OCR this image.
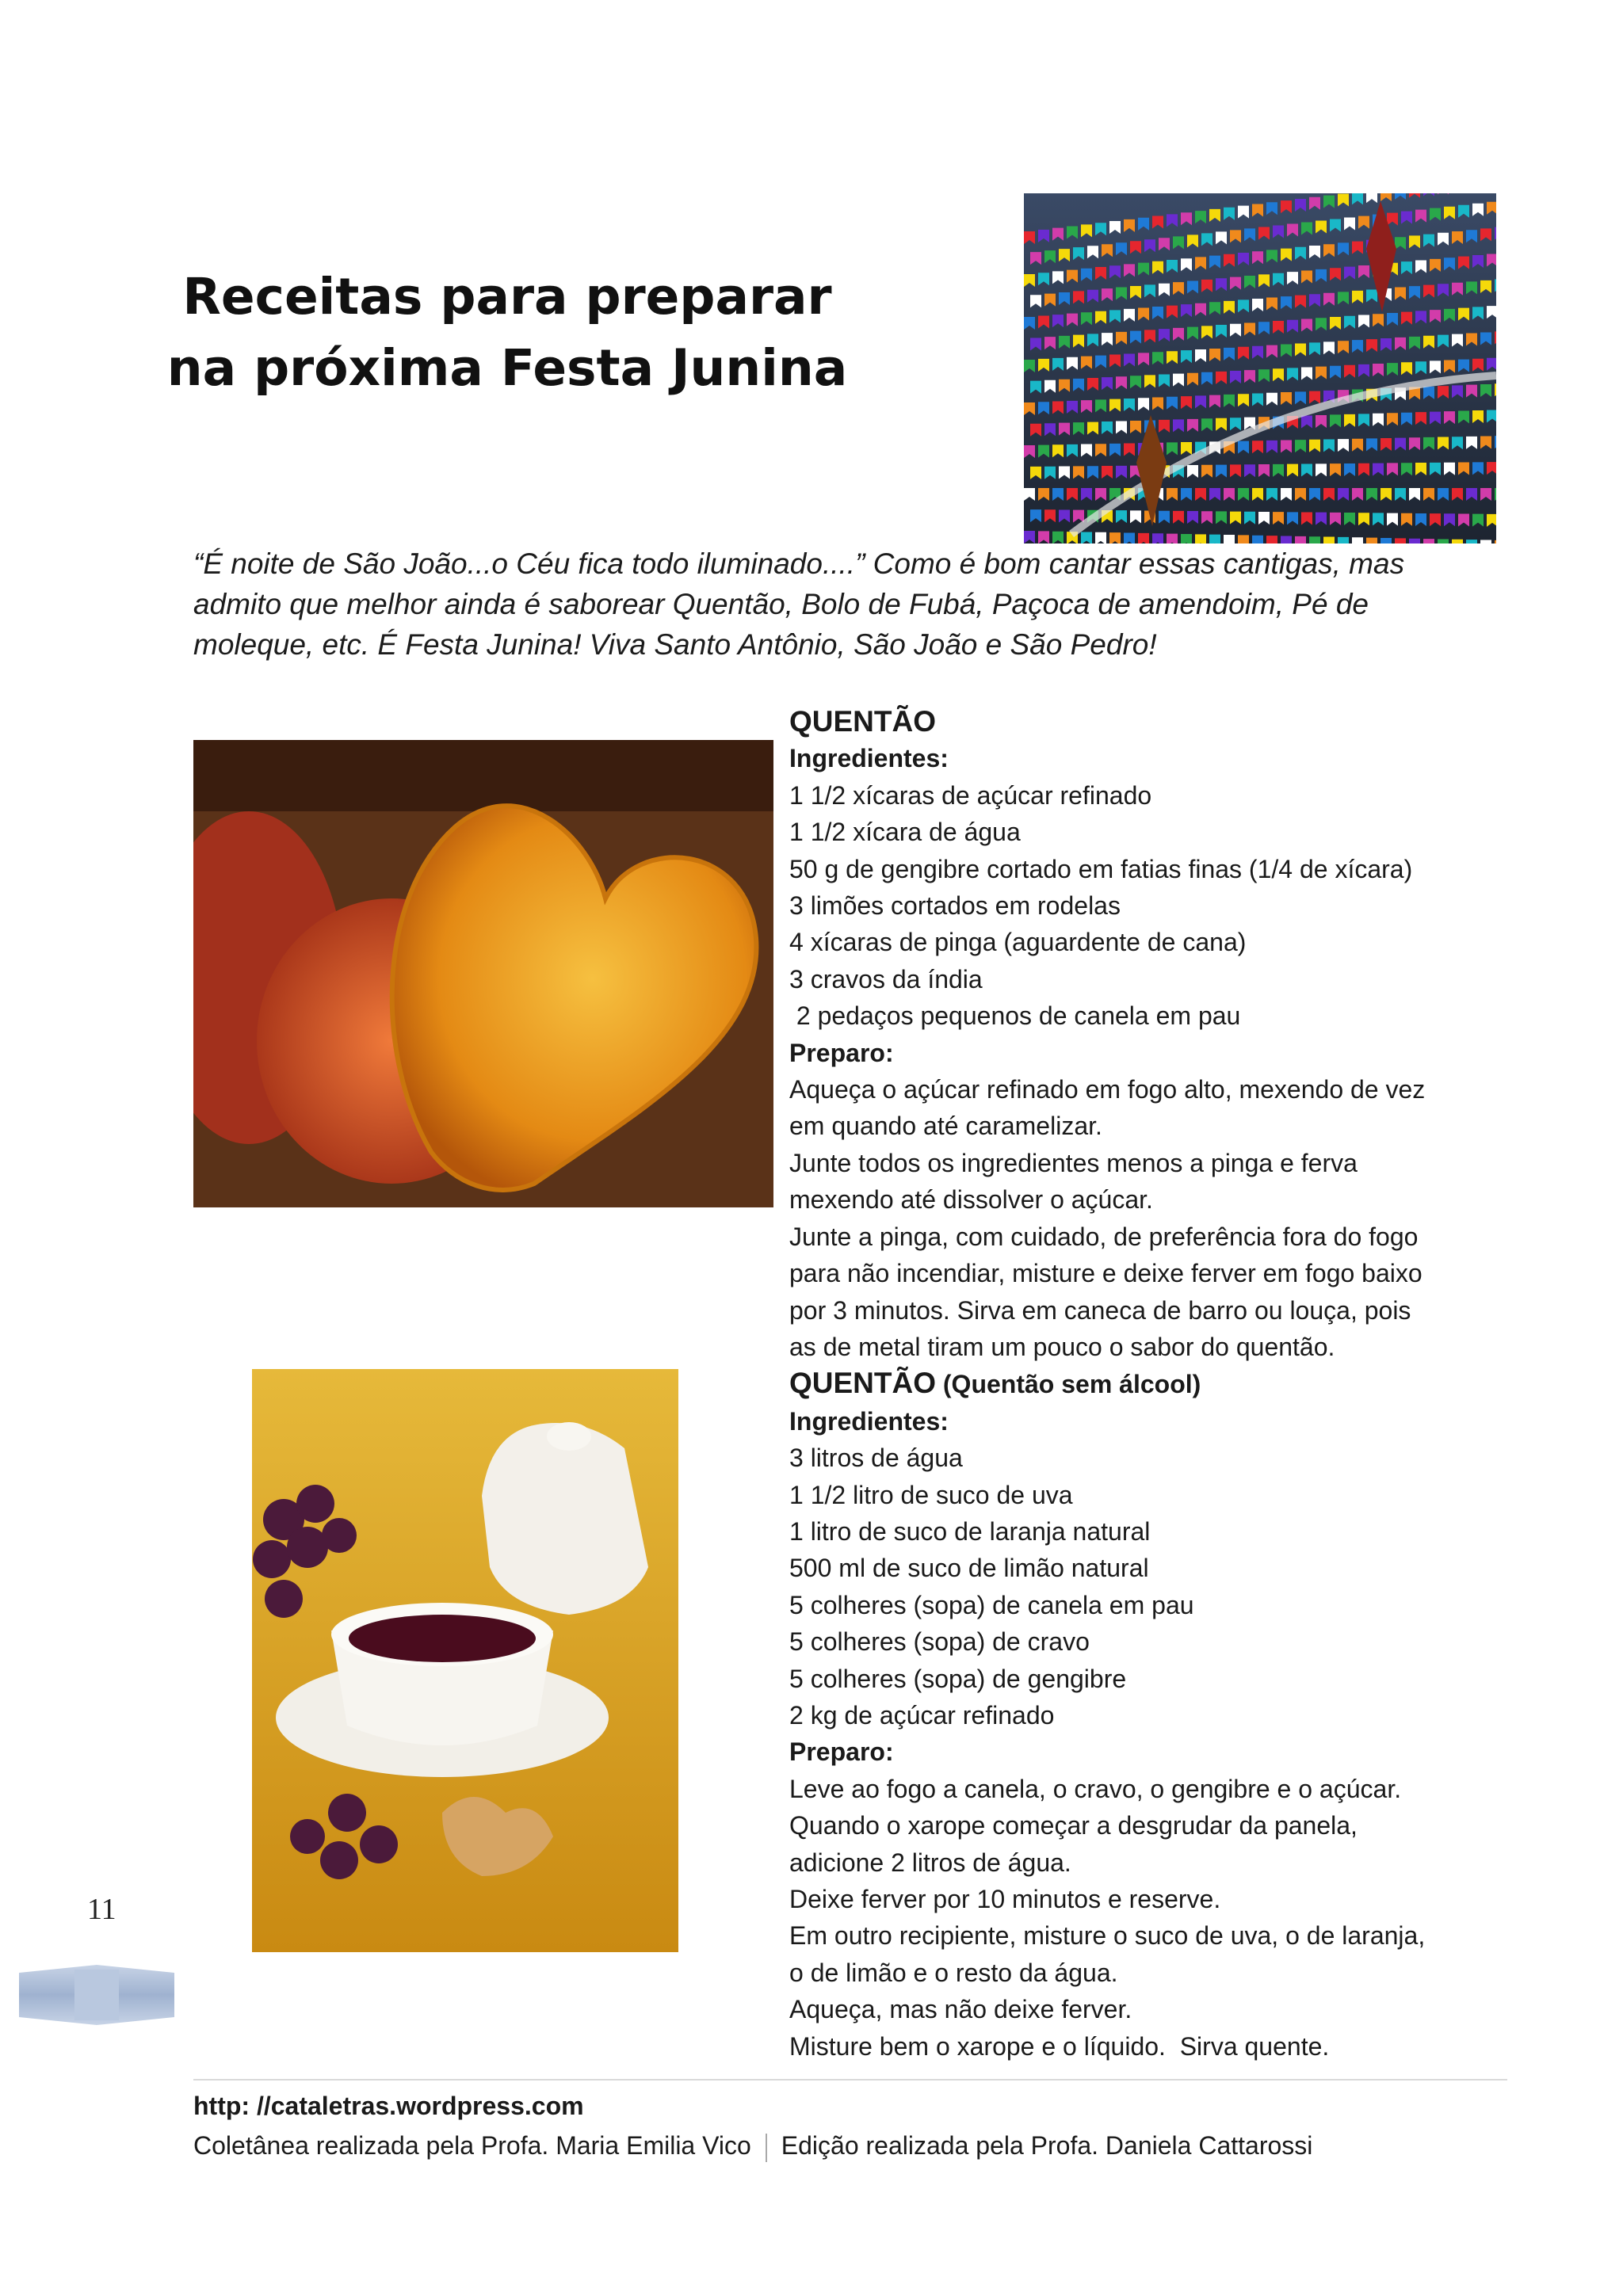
Receitas para preparar
na próxima Festa Junina
“É noite de São João...o Céu fica todo iluminado....” Como é bom cantar essas cantigas, mas admito que melhor ainda é saborear Quentão, Bolo de Fubá, Paçoca de amendoim, Pé de moleque, etc. É Festa Junina! Viva Santo Antônio, São João e São Pedro!
QUENTÃO
Ingredientes:
1 1/2 xícaras de açúcar refinado
1 1/2 xícara de água
50 g de gengibre cortado em fatias finas (1/4 de xícara)
3 limões cortados em rodelas
4 xícaras de pinga (aguardente de cana)
3 cravos da índia
2 pedaços pequenos de canela em pau
Preparo:
Aqueça o açúcar refinado em fogo alto, mexendo de vez
em quando até caramelizar.
Junte todos os ingredientes menos a pinga e ferva
mexendo até dissolver o açúcar.
Junte a pinga, com cuidado, de preferência fora do fogo
para não incendiar, misture e deixe ferver em fogo baixo
por 3 minutos. Sirva em caneca de barro ou louça, pois
as de metal tiram um pouco o sabor do quentão.
QUENTÃO (Quentão sem álcool)
Ingredientes:
3 litros de água
1 1/2 litro de suco de uva
1 litro de suco de laranja natural
500 ml de suco de limão natural
5 colheres (sopa) de canela em pau
5 colheres (sopa) de cravo
5 colheres (sopa) de gengibre
2 kg de açúcar refinado
Preparo:
Leve ao fogo a canela, o cravo, o gengibre e o açúcar.
Quando o xarope começar a desgrudar da panela,
adicione 2 litros de água.
Deixe ferver por 10 minutos e reserve.
Em outro recipiente, misture o suco de uva, o de laranja,
o de limão e o resto da água.
Aqueça, mas não deixe ferver.
Misture bem o xarope e o líquido.  Sirva quente.
11
http: //cataletras.wordpress.com
Coletânea realizada pela Profa. Maria Emilia Vico Edição realizada pela Profa. Daniela Cattarossi
